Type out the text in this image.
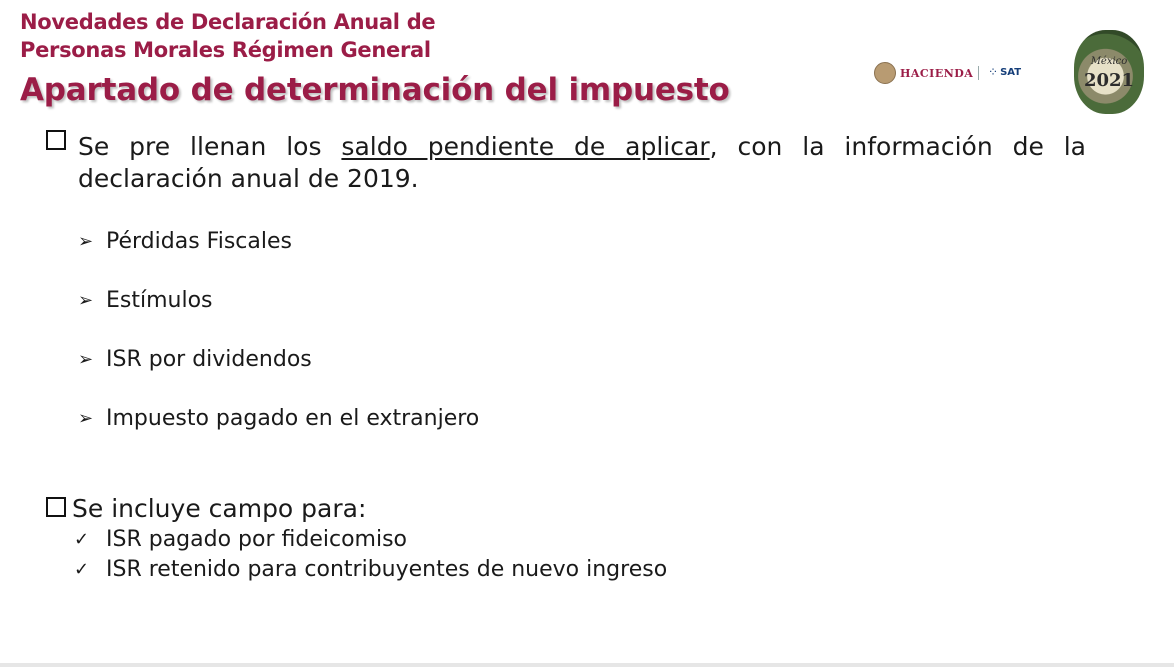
Novedades de Declaración Anual de
Personas Morales Régimen General
Apartado de determinación del impuesto	HACIENDA ⁘ SAT
México
2021
Se pre llenan los saldo pendiente de aplicar, con la información de la
declaración anual de 2019.
➢ Pérdidas Fiscales
➢ Estímulos
➢ ISR por dividendos
➢ Impuesto pagado en el extranjero
Se incluye campo para:
✓ ISR pagado por fideicomiso
✓ ISR retenido para contribuyentes de nuevo ingreso
